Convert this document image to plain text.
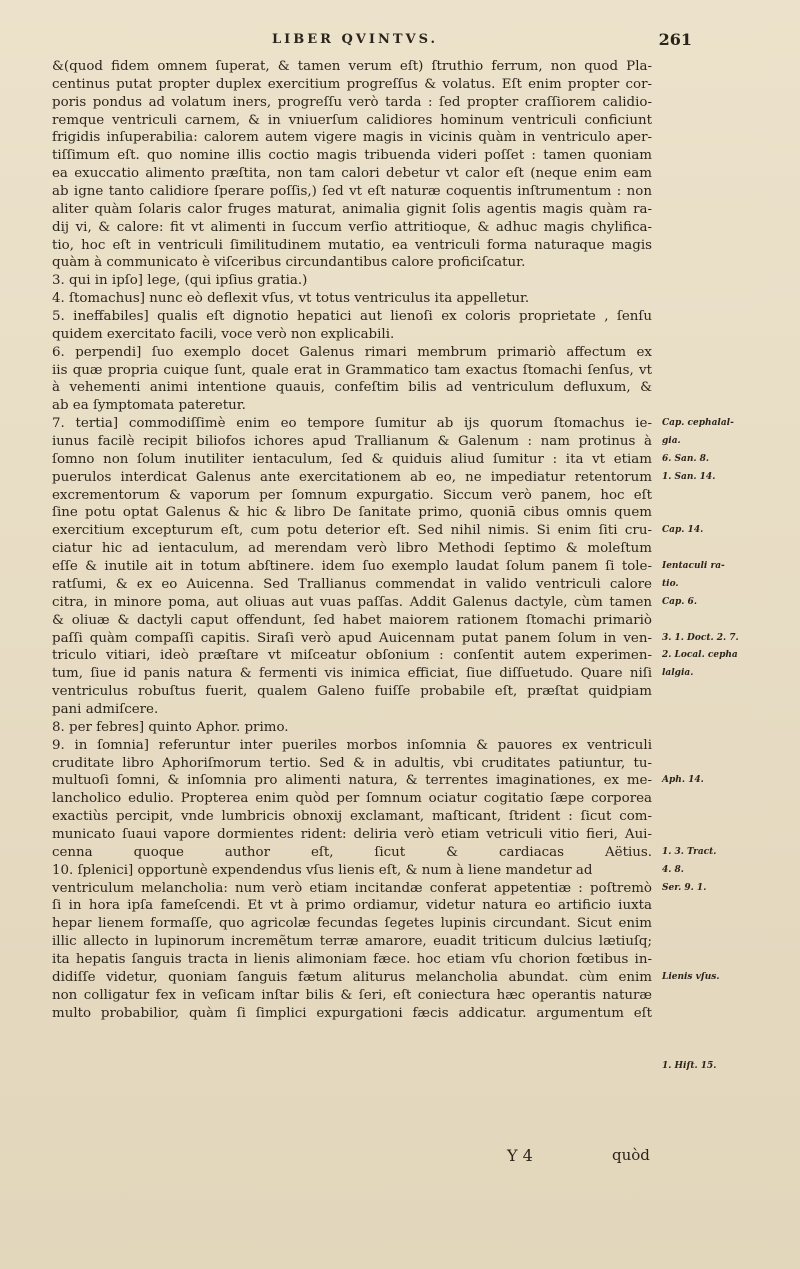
LIBER QVINTVS.	261
&(quod fidem omnem ſuperat, & tamen verum eſt) ſtruthio ferrum, non quod Pla-
centinus putat propter duplex exercitium progreſſus & volatus. Eſt enim propter cor-
poris pondus ad volatum iners, progreſſu verò tarda : ſed propter craſſiorem calidio-
remque ventriculi carnem, & in vniuerſum calidiores hominum ventriculi conficiunt
frigidis inſuperabilia: calorem autem vigere magis in vicinis quàm in ventriculo aper-
tiſſimum eſt. quo nomine illis coctio magis tribuenda videri poſſet : tamen quoniam
ea exuccatio alimento præſtita, non tam calori debetur vt calor eſt (neque enim eam
ab igne tanto calidiore ſperare poſſis,) ſed vt eſt naturæ coquentis inſtrumentum : non
aliter quàm ſolaris calor fruges maturat, animalia gignit ſolis agentis magis quàm ra-
dij vi, & calore: fit vt alimenti in ſuccum verſio attritioque, & adhuc magis chylifica-
tio, hoc eſt in ventriculi ſimilitudinem mutatio, ea ventriculi forma naturaque magis
quàm à communicato è viſceribus circundantibus calore proficiſcatur.
3. qui in ipſo] lege, (qui ipſius gratia.)
4. ſtomachus] nunc eò deflexit vſus, vt totus ventriculus ita appelletur.
5. ineffabiles] qualis eſt dignotio hepatici aut lienoſi ex coloris proprietate , ſenſu
quidem exercitato facili, voce verò non explicabili.
6. perpendi] ſuo exemplo docet Galenus rimari membrum primariò affectum ex
iis quæ propria cuique ſunt, quale erat in Grammatico tam exactus ſtomachi ſenſus, vt
à vehementi animi intentione quauis, confeſtim bilis ad ventriculum defluxum, &
ab ea ſymptomata pateretur.
7. tertia] commodiſſimè enim eo tempore ſumitur ab ijs quorum ſtomachus ie-
iunus facilè recipit biliofos ichores apud Trallianum & Galenum : nam protinus à
ſomno non ſolum inutiliter ientaculum, ſed & quiduis aliud ſumitur : ita vt etiam
puerulos interdicat Galenus ante exercitationem ab eo, ne impediatur retentorum
excrementorum & vaporum per ſomnum expurgatio. Siccum verò panem, hoc eſt
ſine potu optat Galenus & hic & libro De ſanitate primo, quoniā cibus omnis quem
exercitium excepturum eſt, cum potu deterior eſt. Sed nihil nimis. Si enim ſiti cru-
ciatur hic ad ientaculum, ad merendam verò libro Methodi ſeptimo & moleſtum
eſſe & inutile ait in totum abſtinere. idem ſuo exemplo laudat ſolum panem ſi tole-
ratſumi, & ex eo Auicenna. Sed Trallianus commendat in valido ventriculi calore
citra, in minore poma, aut oliuas aut vuas paſſas. Addit Galenus dactyle, cùm tamen
& oliuæ & dactyli caput offendunt, ſed habet maiorem rationem ſtomachi primariò
paſſi quàm compaſſi capitis. Siraſi verò apud Auicennam putat panem ſolum in ven-
triculo vitiari, ideò præſtare vt miſceatur obſonium : conſentit autem experimen-
tum, ſiue id panis natura & fermenti vis inimica efficiat, ſiue diſſuetudo. Quare niſi
ventriculus robuſtus fuerit, qualem Galeno fuiſſe probabile eſt, præſtat quidpiam
pani admiſcere.
8. per febres] quinto Aphor. primo.
9. in ſomnia] referuntur inter pueriles morbos inſomnia & pauores ex ventriculi
cruditate libro Aphoriſmorum tertio. Sed & in adultis, vbi cruditates patiuntur, tu-
multuoſi ſomni, & inſomnia pro alimenti natura, & terrentes imaginationes, ex me-
lancholico edulio. Propterea enim quòd per ſomnum ociatur cogitatio ſæpe corporea
exactiùs percipit, vnde lumbricis obnoxij exclamant, maſticant, ſtrident : ſicut com-
municato ſuaui vapore dormientes rident: deliria verò etiam vetriculi vitio fieri, Aui-
cenna quoque author eſt, ſicut & cardiacas Aëtius.
10. ſplenici] opportunè expendendus vſus lienis eſt, & num à liene mandetur ad
ventriculum melancholia: num verò etiam incitandæ conferat appetentiæ : poſtremò
ſi in hora ipſa fameſcendi. Et vt à primo ordiamur, videtur natura eo artificio iuxta
hepar lienem formaſſe, quo agricolæ fecundas ſegetes lupinis circundant. Sicut enim
illic allecto in lupinorum incremẽtum terræ amarore, euadit triticum dulcius lætiuſq;
ita hepatis ſanguis tracta in lienis alimoniam fæce. hoc etiam vſu chorion fœtibus in-
didiſſe videtur, quoniam ſanguis fætum aliturus melancholia abundat. cùm enim
non colligatur fex in veſicam inſtar bilis & ſeri, eſt coniectura hæc operantis naturæ
multo probabilior, quàm ſi ſimplici expurgationi fæcis addicatur. argumentum eſt
Cap. cephalal-
gia.
6. San. 8.
1. San. 14.
Cap. 14.
Ientaculi ra-
tio.
Cap. 6.
3. 1. Doct. 2. 7.
2. Local. cepha
lalgia.
Aph. 14.
1. 3. Tract.
4. 8.
Ser. 9. 1.
Lienis vſus.
1. Hiſt. 15.
Y 4	quòd
